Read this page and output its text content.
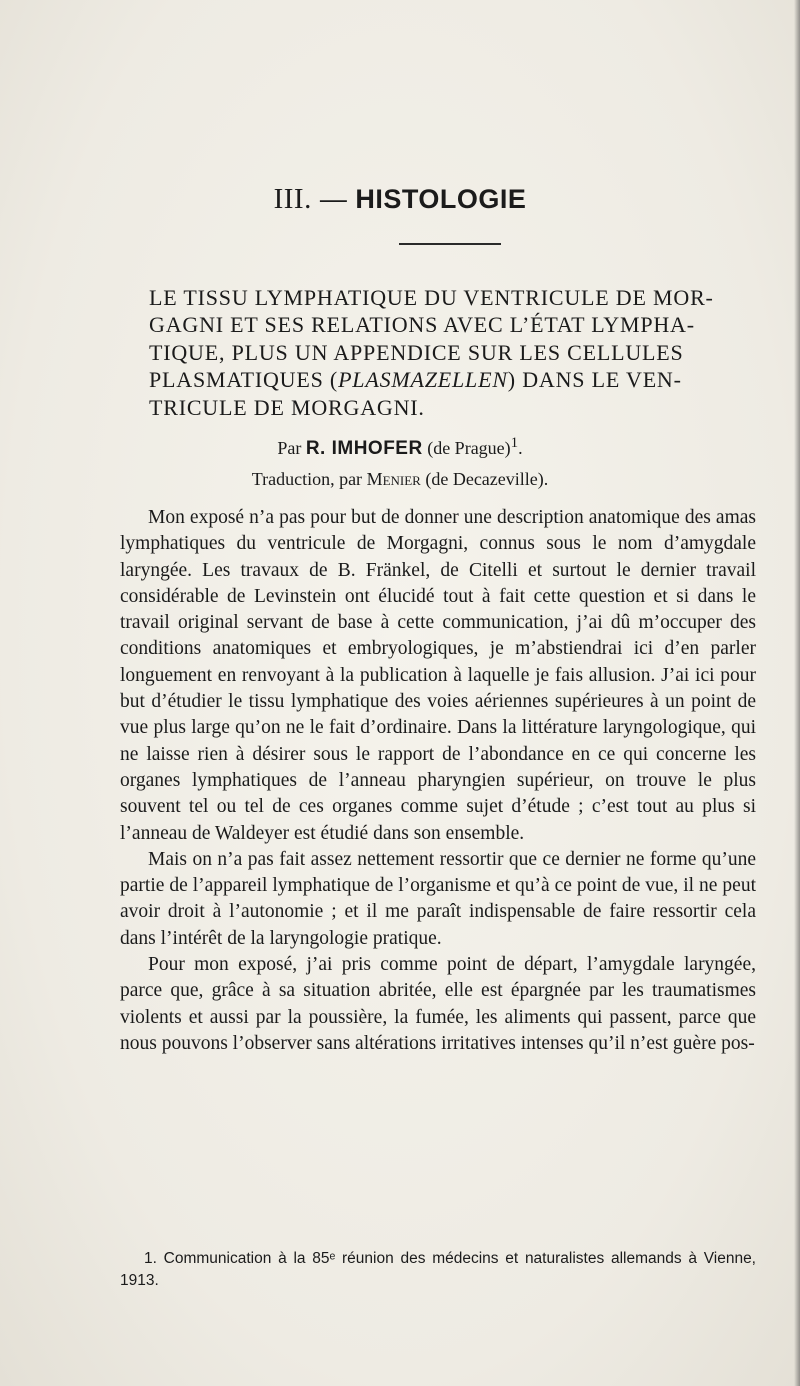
III. — HISTOLOGIE
LE TISSU LYMPHATIQUE DU VENTRICULE DE MOR-
GAGNI ET SES RELATIONS AVEC L’ÉTAT LYMPHA-
TIQUE, PLUS UN APPENDICE SUR LES CELLULES
PLASMATIQUES (PLASMAZELLEN) DANS LE VEN-
TRICULE DE MORGAGNI.
Par R. IMHOFER (de Prague)$^1$.
Traduction, par Menier (de Decazeville).

Mon exposé n’a pas pour but de donner une description anatomique des amas lymphatiques du ventricule de Morgagni, connus sous le nom d’amygdale laryngée. Les travaux de B. Fränkel, de Citelli et surtout le dernier travail considérable de Levinstein ont élucidé tout à fait cette question et si dans le travail original servant de base à cette communication, j’ai dû m’occuper des conditions anatomiques et embryologiques, je m’abstiendrai ici d’en parler longuement en renvoyant à la publication à laquelle je fais allusion. J’ai ici pour but d’étudier le tissu lymphatique des voies aériennes supérieures à un point de vue plus large qu’on ne le fait d’ordinaire. Dans la littérature laryngologique, qui ne laisse rien à désirer sous le rapport de l’abondance en ce qui concerne les organes lymphatiques de l’anneau pharyngien supérieur, on trouve le plus souvent tel ou tel de ces organes comme sujet d’étude ; c’est tout au plus si l’anneau de Waldeyer est étudié dans son ensemble.

Mais on n’a pas fait assez nettement ressortir que ce dernier ne forme qu’une partie de l’appareil lymphatique de l’organisme et qu’à ce point de vue, il ne peut avoir droit à l’autonomie ; et il me paraît indispensable de faire ressortir cela dans l’intérêt de la laryngologie pratique.

Pour mon exposé, j’ai pris comme point de départ, l’amygdale laryngée, parce que, grâce à sa situation abritée, elle est épargnée par les traumatismes violents et aussi par la poussière, la fumée, les aliments qui passent, parce que nous pouvons l’observer sans altérations irritatives intenses qu’il n’est guère pos-

1. Communication à la 85ᵉ réunion des médecins et naturalistes allemands à Vienne, 1913.
